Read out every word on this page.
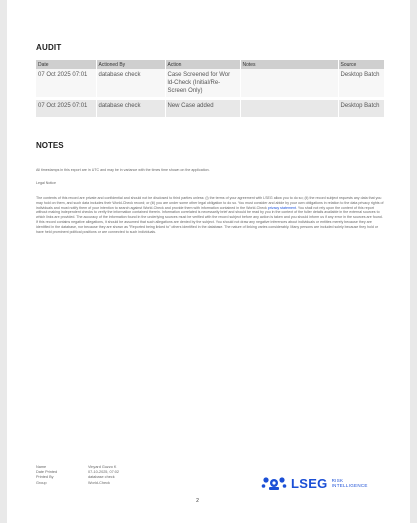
AUDIT
Date	Actioned By	Action	Notes	Source
07 Oct 2025 07:01	database check	Case Screened for Wor ld-Check (Initial/Re-Screen Only)		Desktop Batch

07 Oct 2025 07:01	database check	New Case added		Desktop Batch
NOTES
All timestamps in this export are in UTC and may be in variance with the times time shown on the application.
Legal Notice
The contents of this record are private and confidential and should not be disclosed to third parties unless: (i) the terms of your agreement with LSEG allow you to do so; (ii) the record subject requests any data that you may hold on them, and such data includes their World-Check record; or (iii) you are under some other legal obligation to do so. You must consider and abide by your own obligations in relation to the data privacy rights of individuals and must notify them of your intention to search against World-Check and provide them with information contained in the World-Check privacy statement. You shall not rely upon the content of this report without making independent checks to verify the information contained therein. Information correlated is necessarily brief and should be read by you in the context of the fuller details available in the external sources to which links are provided. The accuracy of the information found in the underlying sources must be verified with the record subject before any action is taken and you should inform us if any error in the sources are found. If this record contains negative allegations, it should be assumed that such allegations are denied by the subject. You should not draw any negative inferences about individuals or entities merely because they are identified in the database, nor because they are shown as "Reported being linked to" others identified in the database. The nature of linking varies considerably. Many persons are included solely because they hold or have held prominent political positions or are connected to such individuals.
Name	Vinyard Guzzo K
Date Printed	07-10-2025, 07:02
Printed By	database check
Group	World-Check	LSEG RISK
INTELLIGENCE
2
